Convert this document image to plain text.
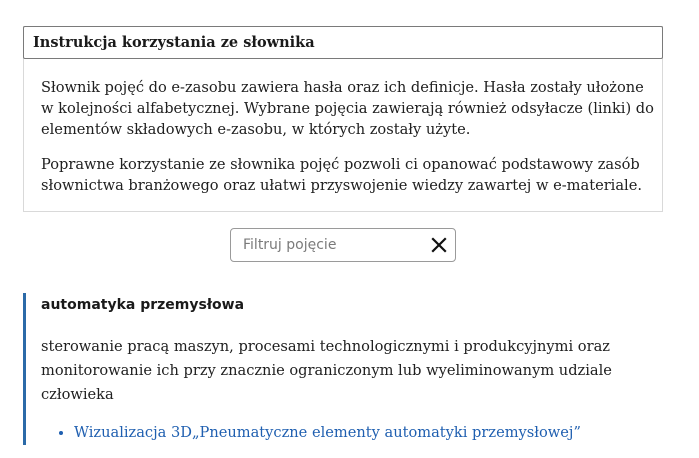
Instrukcja korzystania ze słownika

Słownik pojęć do e-zasobu zawiera hasła oraz ich definicje. Hasła zostały ułożone w kolejności alfabetycznej. Wybrane pojęcia zawierają również odsyłacze (linki) do elementów składowych e-zasobu, w których zostały użyte.

Poprawne korzystanie ze słownika pojęć pozwoli ci opanować podstawowy zasób słownictwa branżowego oraz ułatwi przyswojenie wiedzy zawartej w e-materiale.

Filtruj pojęcie
automatyka przemysłowa
sterowanie pracą maszyn, procesami technologicznymi i produkcyjnymi oraz monitorowanie ich przy znacznie ograniczonym lub wyeliminowanym udziale człowieka
• Wizualizacja 3D„Pneumatyczne elementy automatyki przemysłowej”
